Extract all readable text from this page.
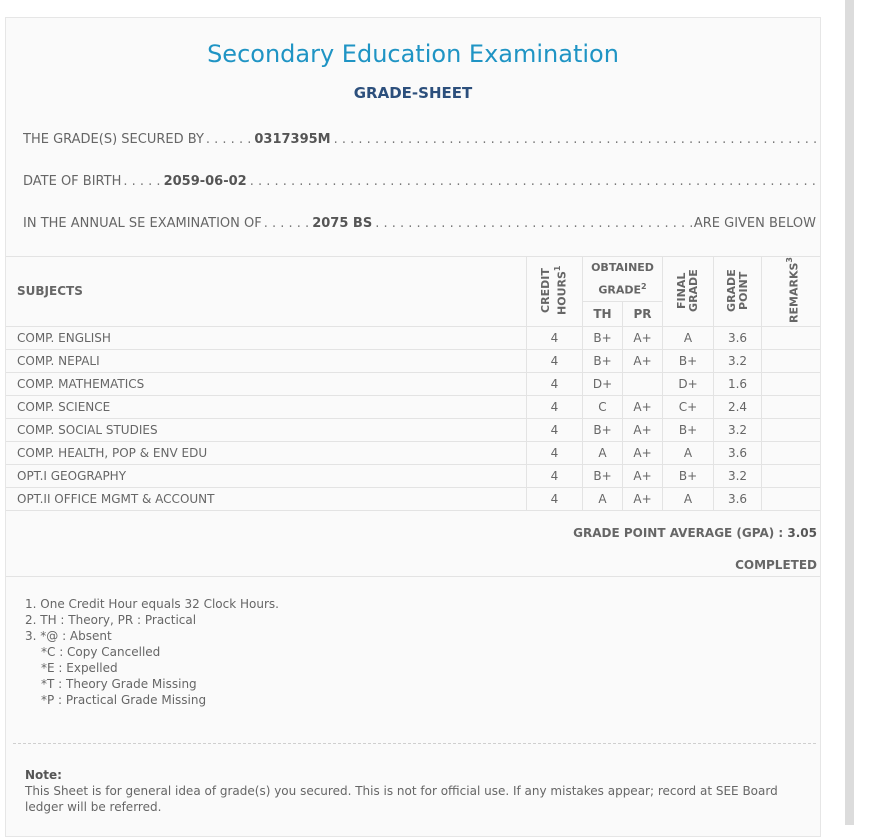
Secondary Education Examination
GRADE-SHEET
THE GRADE(S) SECURED BY . . . . . . 0317395M
. . .
DATE OF BIRTH . . . . . 2059-06-02
. . .
IN THE ANNUAL SE EXAMINATION OF . . . . . . 2075 BS . . .	ARE GIVEN BELOW
SUBJECTS	CREDIT HOURS$^1$	OBTAINED GRADE$^2$		FINAL GRADE	GRADE POINT	REMARKS$^3$
		TH	PR			
COMP. ENGLISH	4	B+	A+	A	3.6	
COMP. NEPALI	4	B+	A+	B+	3.2	
COMP. MATHEMATICS	4	D+		D+	1.6	
COMP. SCIENCE	4	C	A+	C+	2.4	
COMP. SOCIAL STUDIES	4	B+	A+	B+	3.2	
COMP. HEALTH, POP & ENV EDU	4	A	A+	A	3.6	
OPT.I GEOGRAPHY	4	B+	A+	B+	3.2	
OPT.II OFFICE MGMT & ACCOUNT	4	A	A+	A	3.6	
GRADE POINT AVERAGE (GPA) : 3.05
COMPLETED
1. One Credit Hour equals 32 Clock Hours.
2. TH : Theory, PR : Practical
3. *@ : Absent
*C : Copy Cancelled
*E : Expelled
*T : Theory Grade Missing
*P : Practical Grade Missing
Note:
This Sheet is for general idea of grade(s) you secured. This is not for official use. If any mistakes appear; record at SEE Board ledger will be referred.
